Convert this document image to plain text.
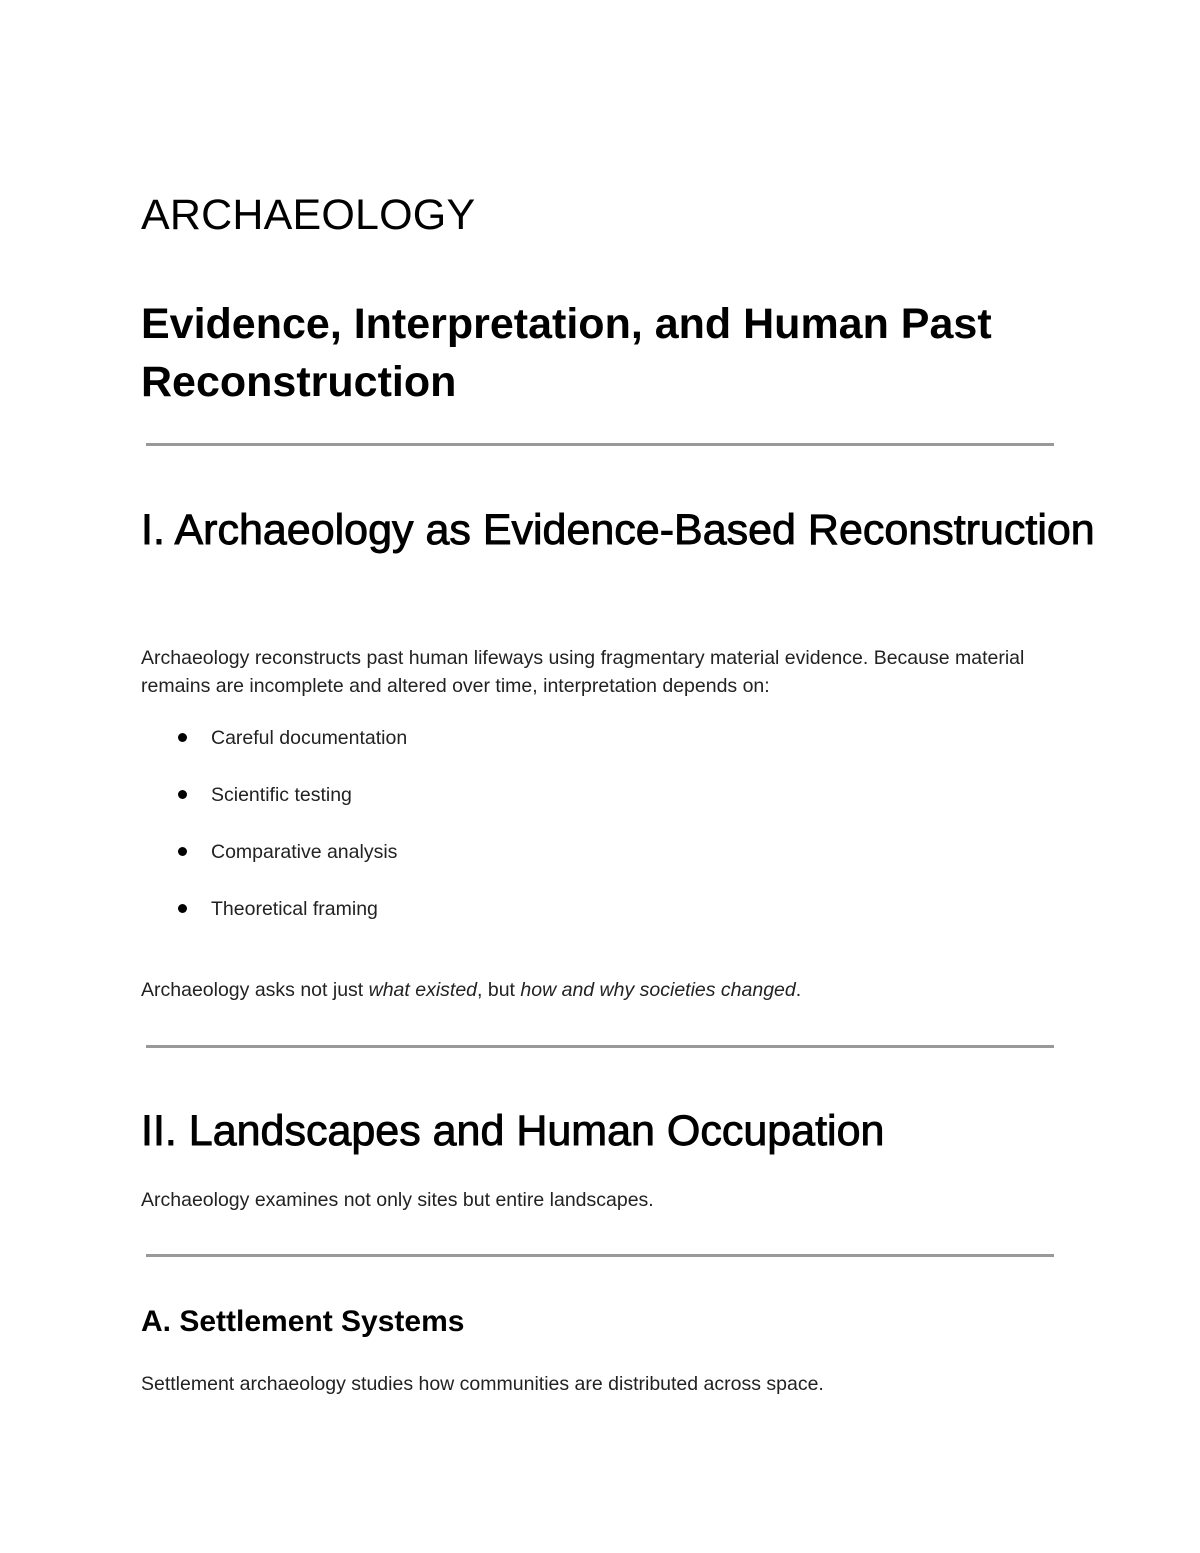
ARCHAEOLOGY
Evidence, Interpretation, and Human Past Reconstruction
I. Archaeology as Evidence-Based Reconstruction

Archaeology reconstructs past human lifeways using fragmentary material evidence. Because material remains are incomplete and altered over time, interpretation depends on:

Careful documentation
Scientific testing
Comparative analysis
Theoretical framing

Archaeology asks not just what existed, but how and why societies changed.

II. Landscapes and Human Occupation

Archaeology examines not only sites but entire landscapes.

A. Settlement Systems

Settlement archaeology studies how communities are distributed across space.
